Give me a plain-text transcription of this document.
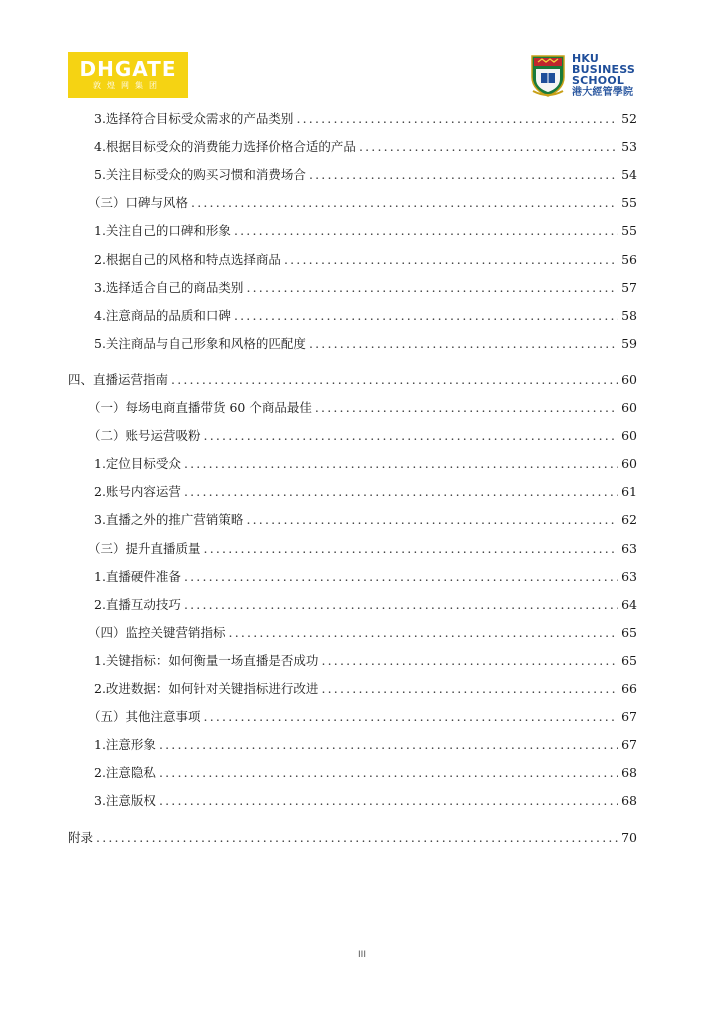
DHGATE
敦煌网集团
HKU
BUSINESS
SCHOOL
港大經管學院
3.选择符合目标受众需求的产品类别 .....	52
4.根据目标受众的消费能力选择价格合适的产品 .....	53
5.关注目标受众的购买习惯和消费场合 .....	54
（三）口碑与风格 .....	55
1.关注自己的口碑和形象 .....	55
2.根据自己的风格和特点选择商品 .....	56
3.选择适合自己的商品类别 .....	57
4.注意商品的品质和口碑 .....	58
5.关注商品与自己形象和风格的匹配度 .....	59
四、直播运营指南 .....	60
（一）每场电商直播带货 60 个商品最佳 .....	60
（二）账号运营吸粉 .....	60
1.定位目标受众 .....	60
2.账号内容运营 .....	61
3.直播之外的推广营销策略 .....	62
（三）提升直播质量 .....	63
1.直播硬件准备 .....	63
2.直播互动技巧 .....	64
（四）监控关键营销指标 .....	65
1.关键指标：如何衡量一场直播是否成功 .....	65
2.改进数据：如何针对关键指标进行改进 .....	66
（五）其他注意事项 .....	67
1.注意形象 .....	67
2.注意隐私 .....	68
3.注意版权 .....	68
附录 .....	70
III
